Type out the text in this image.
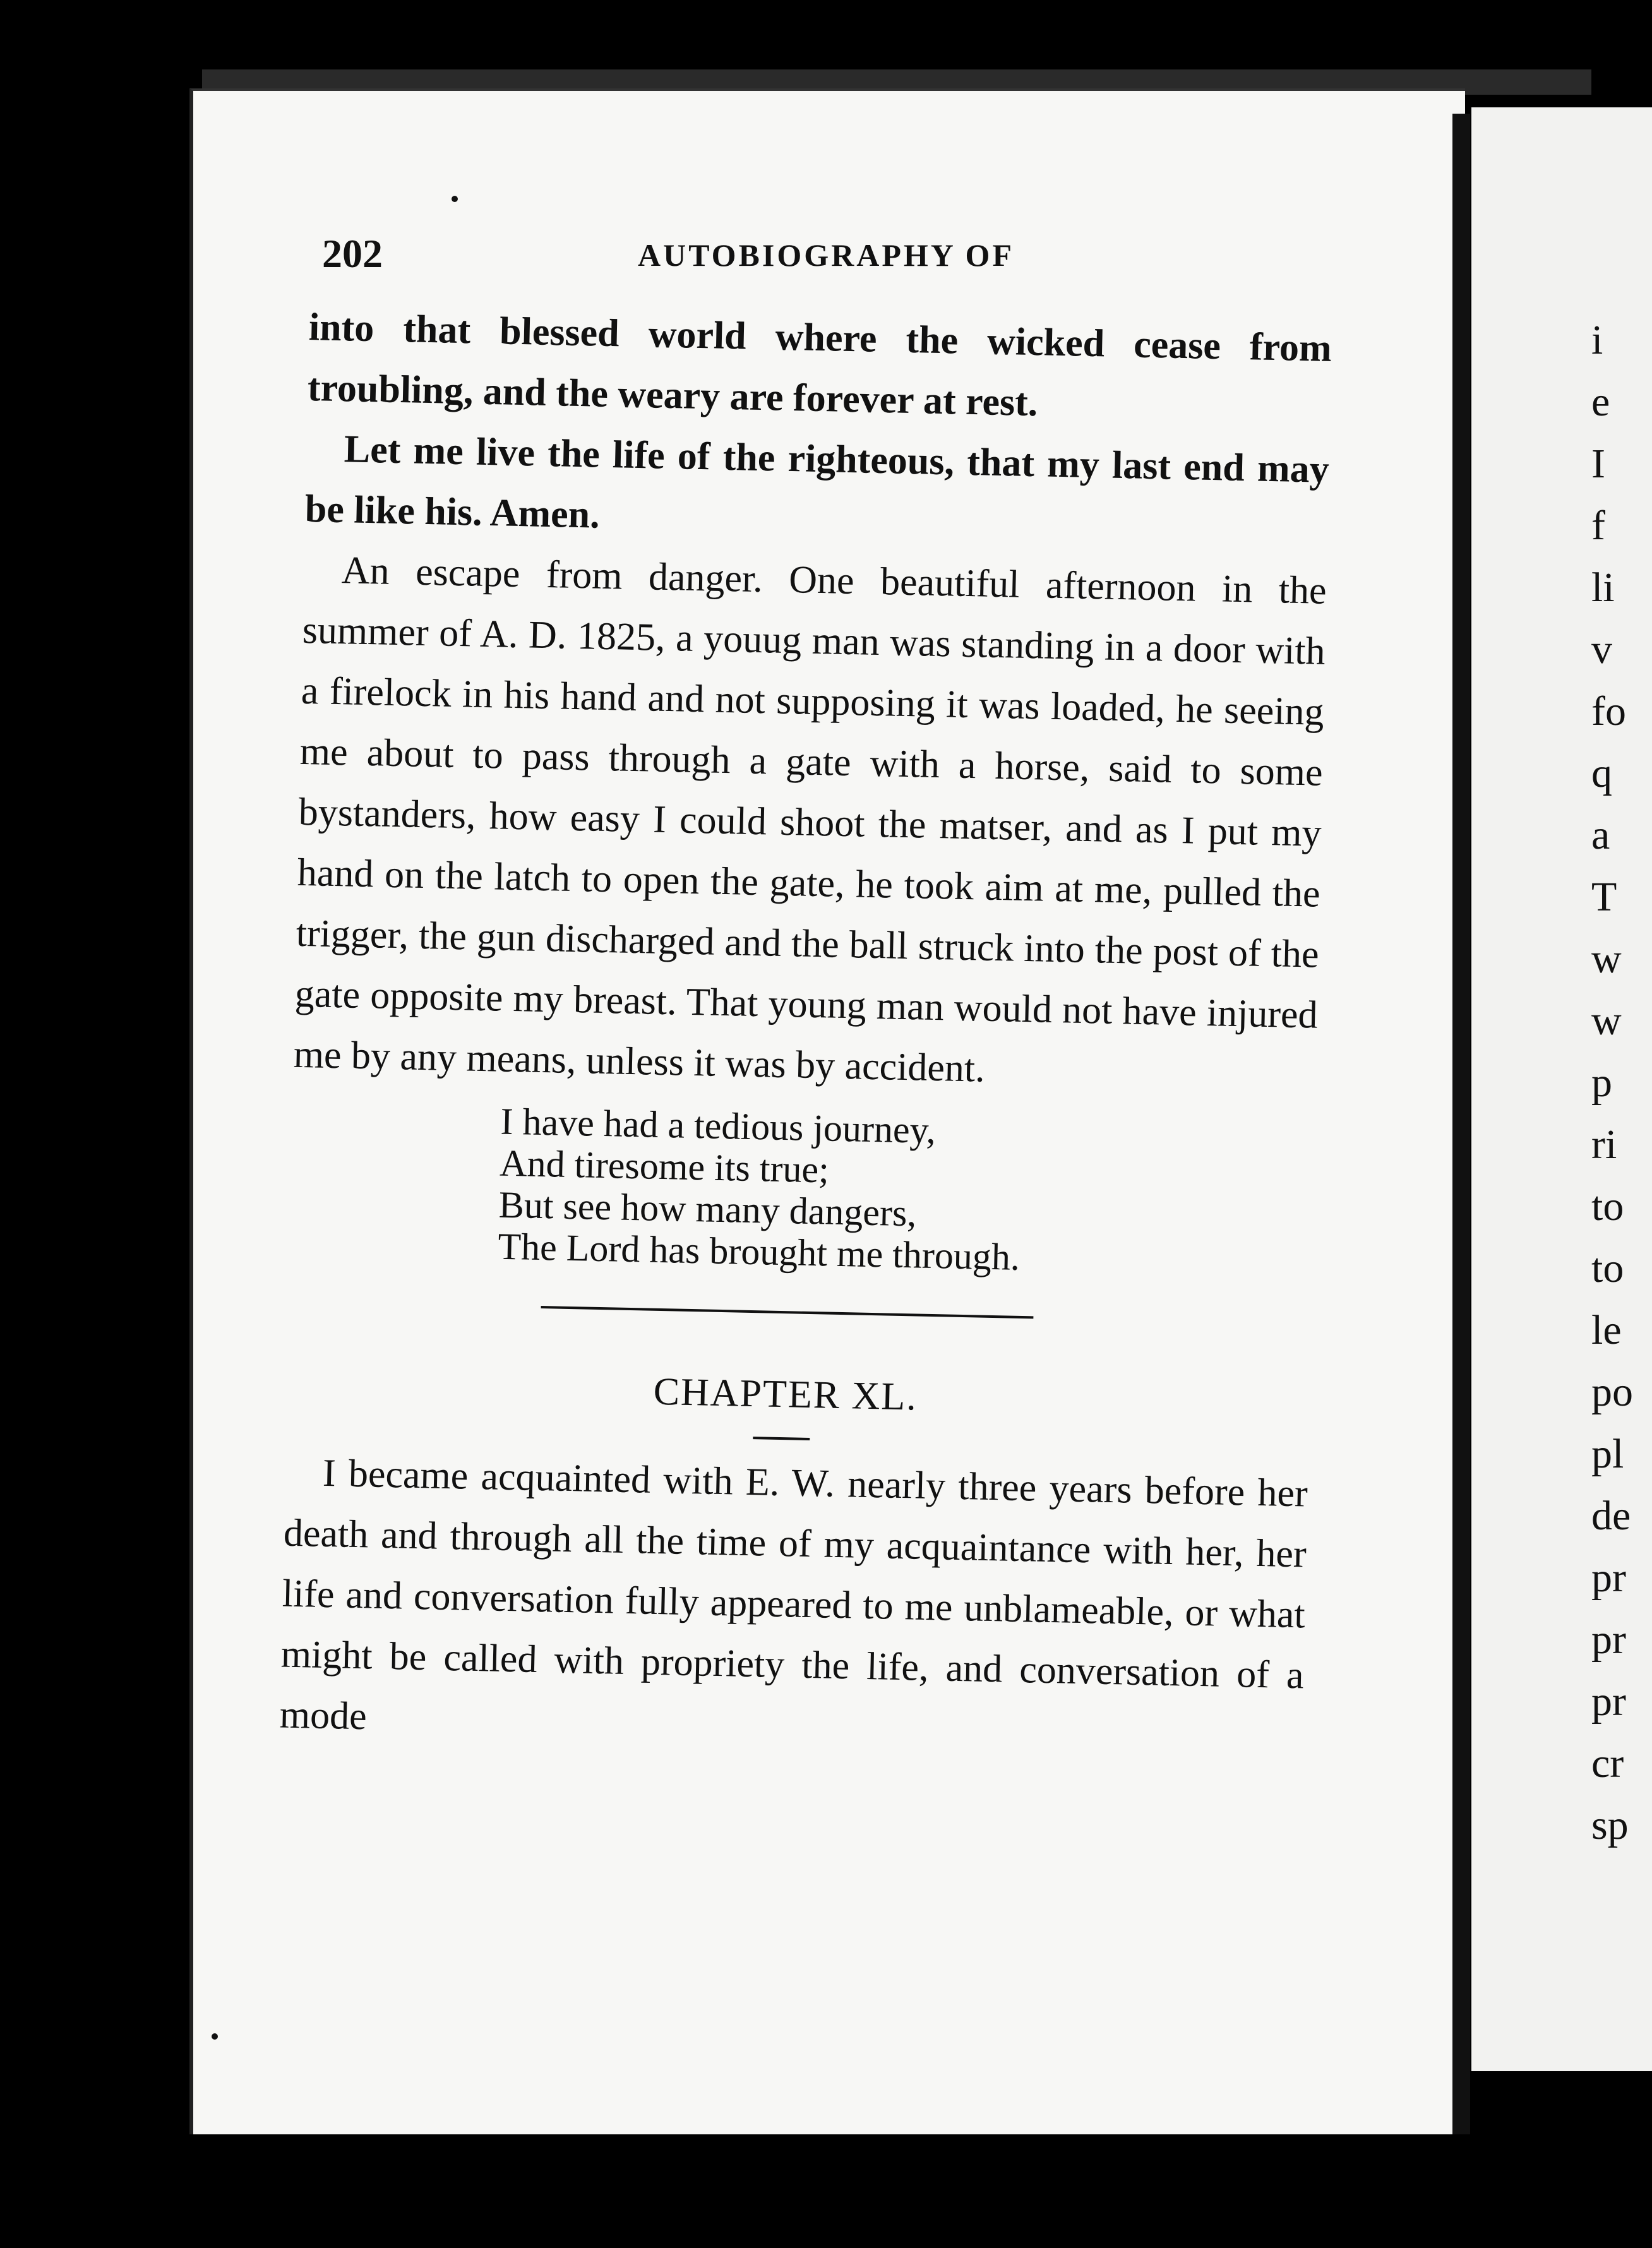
i
e
I
f
li
v
fo
q
a
T
w
w
p
ri
to
to
le
po
pl
de
pr
pr
pr
cr
sp
202	AUTOBIOGRAPHY OF

into that blessed world where the wicked cease from troubling, and the weary are forever at rest.

Let me live the life of the righteous, that my last end may be like his. Amen.

An escape from danger. One beautiful afternoon in the summer of A. D. 1825, a youug man was standing in a door with a firelock in his hand and not supposing it was loaded, he seeing me about to pass through a gate with a horse, said to some bystanders, how easy I could shoot the matser, and as I put my hand on the latch to open the gate, he took aim at me, pulled the trigger, the gun discharged and the ball struck into the post of the gate opposite my breast. That young man would not have injured me by any means, unless it was by accident.

I have had a tedious journey,
And tiresome its true;
But see how many dangers,
The Lord has brought me through.
CHAPTER XL.

I became acquainted with E. W. nearly three years before her death and through all the time of my acquaintance with her, her life and conversation fully appeared to me unblameable, or what might be called with propriety the life, and conversation of a mode
